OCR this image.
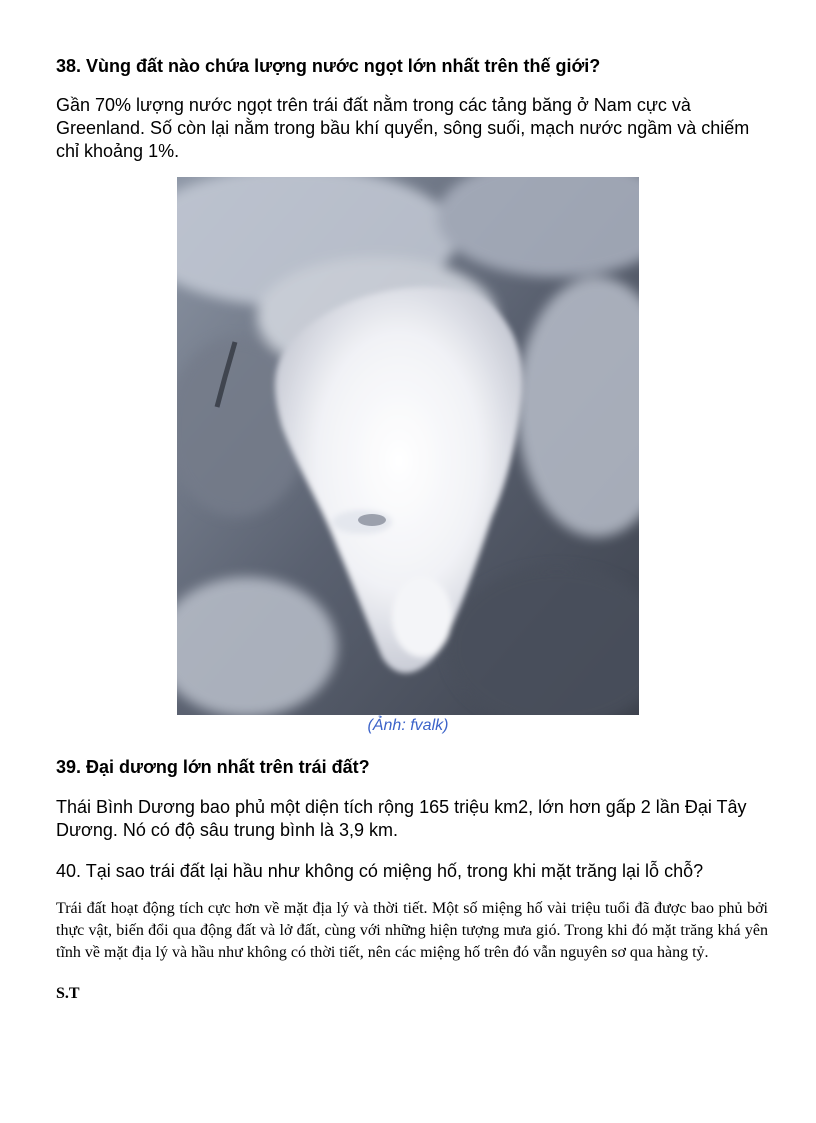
38. Vùng đất nào chứa lượng nước ngọt lớn nhất trên thế giới?

Gần 70% lượng nước ngọt trên trái đất nằm trong các tảng băng ở Nam cực và Greenland. Số còn lại nằm trong bầu khí quyển, sông suối, mạch nước ngầm và chiếm chỉ khoảng 1%.

(Ảnh: fvalk)
39. Đại dương lớn nhất trên trái đất?

Thái Bình Dương bao phủ một diện tích rộng 165 triệu km2, lớn hơn gấp 2 lần Đại Tây Dương. Nó có độ sâu trung bình là 3,9 km.

40. Tại sao trái đất lại hầu như không có miệng hố, trong khi mặt trăng lại lỗ chỗ?

Trái đất hoạt động tích cực hơn về mặt địa lý và thời tiết. Một số miệng hố vài triệu tuổi đã được bao phủ bởi thực vật, biến đổi qua động đất và lở đất, cùng với những hiện tượng mưa gió. Trong khi đó mặt trăng khá yên tĩnh về mặt địa lý và hầu như không có thời tiết, nên các miệng hố trên đó vẫn nguyên sơ qua hàng tỷ.

S.T
